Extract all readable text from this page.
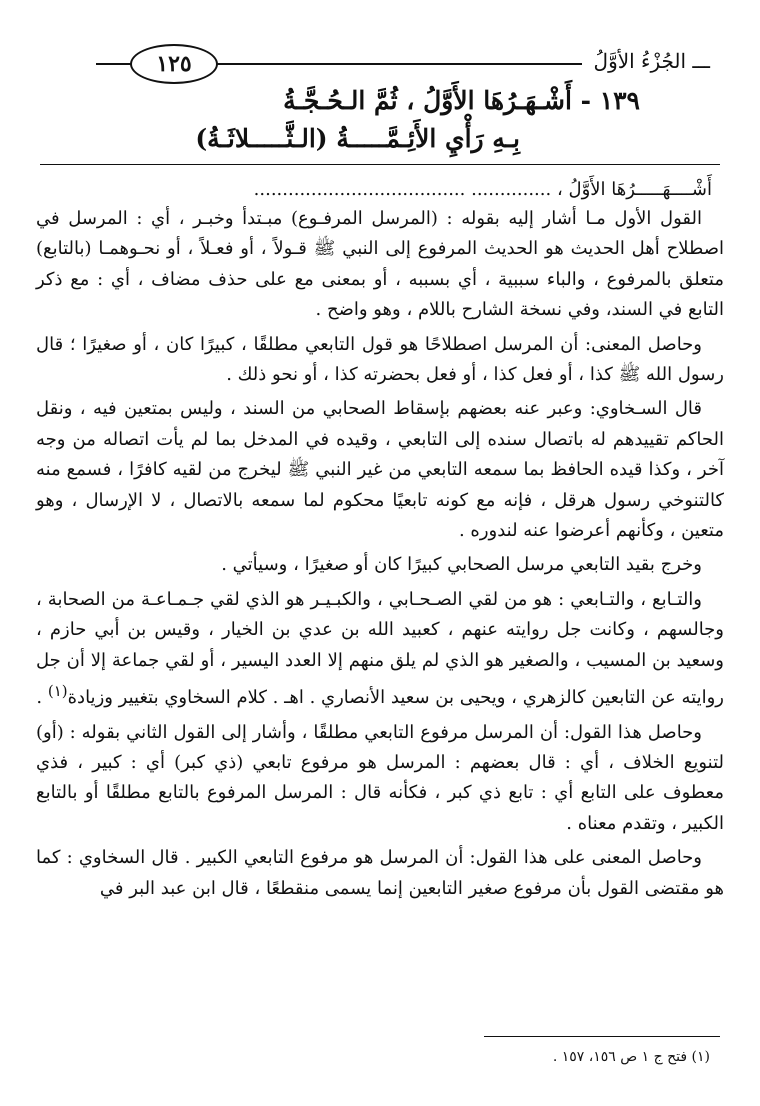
ـــ الجُزْءُ الأوَّلُ
١٢٥
١٣٩ - أَشْـهَـرُهَا الأَوَّلُ ، ثُمَّ الـحُـجَّـةُ
بِـهِ رَأْيِ الأَئِـمَّـــــةُ (الـثَّـــــلاثَـةُ)
أَشْــــهَـــــرُهَا الأَوَّلُ ، .............. .....................................

القول الأول مـا أشار إليه بقوله : (المرسل المرفـوع) مبـتدأ وخبـر ، أي : المرسل في اصطلاح أهل الحديث هو الحديث المرفوع إلى النبي ﷺ قـولاً ، أو فعـلاً ، أو نحـوهمـا (بالتابع) متعلق بالمرفوع ، والباء سببية ، أي بسببه ، أو بمعنى مع على حذف مضاف ، أي : مع ذكر التابع في السند، وفي نسخة الشارح باللام ، وهو واضح .

وحاصل المعنى: أن المرسل اصطلاحًا هو قول التابعي مطلقًا ، كبيرًا كان ، أو صغيرًا ؛ قال رسول الله ﷺ كذا ، أو فعل كذا ، أو فعل بحضرته كذا ، أو نحو ذلك .

قال السـخاوي: وعبر عنه بعضهم بإسقاط الصحابي من السند ، وليس بمتعين فيه ، ونقل الحاكم تقييدهم له باتصال سنده إلى التابعي ، وقيده في المدخل بما لم يأت اتصاله من وجه آخر ، وكذا قيده الحافظ بما سمعه التابعي من غير النبي ﷺ ليخرج من لقيه كافرًا ، فسمع منه كالتنوخي رسول هرقل ، فإنه مع كونه تابعيًا محكوم لما سمعه بالاتصال ، لا الإرسال ، وهو متعين ، وكأنهم أعرضوا عنه لندوره .

وخرج بقيد التابعي مرسل الصحابي كبيرًا كان أو صغيرًا ، وسيأتي .

والتـابع ، والتـابعي : هو من لقي الصـحـابي ، والكبـيـر هو الذي لقي جـمـاعـة من الصحابة ، وجالسهم ، وكانت جل روايته عنهم ، كعبيد الله بن عدي بن الخيار ، وقيس بن أبي حازم ، وسعيد بن المسيب ، والصغير هو الذي لم يلق منهم إلا العدد اليسير ، أو لقي جماعة إلا أن جل روايته عن التابعين كالزهري ، ويحيى بن سعيد الأنصاري . اهـ . كلام السخاوي بتغيير وزيادة$^{(١)}$ .

وحاصل هذا القول: أن المرسل مرفوع التابعي مطلقًا ، وأشار إلى القول الثاني بقوله : (أو) لتنويع الخلاف ، أي : قال بعضهم : المرسل هو مرفوع تابعي (ذي كبر) أي : كبير ، فذي معطوف على التابع أي : تابع ذي كبر ، فكأنه قال : المرسل المرفوع بالتابع مطلقًا أو بالتابع الكبير ، وتقدم معناه .

وحاصل المعنى على هذا القول: أن المرسل هو مرفوع التابعي الكبير . قال السخاوي : كما هو مقتضى القول بأن مرفوع صغير التابعين إنما يسمى منقطعًا ، قال ابن عبد البر في

(١) فتح ج ١ ص ١٥٦، ١٥٧ .
